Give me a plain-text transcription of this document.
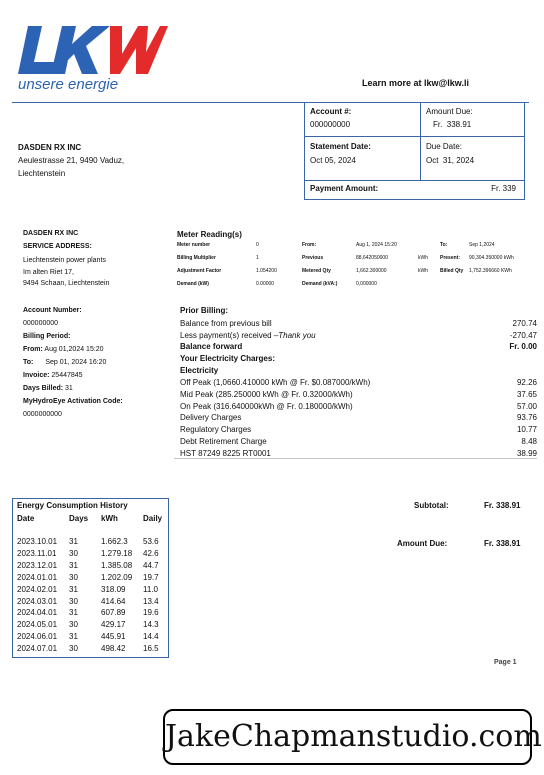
unsere energie	Learn more at lkw@lkw.li
Account #:
000000000
Amount Due:
Fr.  338.91
Statement Date:
Oct 05, 2024
Due Date:
Oct  31, 2024
Payment Amount:	Fr. 339
DASDEN RX INC
Aeulestrasse 21, 9490 Vaduz,
Liechtenstein
DASDEN RX INC
SERVICE ADDRESS:
Liechtenstein power plants
Im alten Riet 17,
9494 Schaan, Liechtenstein
Meter Reading(s)
Meter number	0	From:	Aug 1, 2024 15:20		To:	Sep 1,2024
Billing Multiplier	1	Previous	88,642050000	kWh	Present:	90,304.350000 kWh
Adjustment Factor	1.054200	Metered Qty	1,662.300000	kWh	Billed Qty	1,752.396660 KWh
Demand (kW)	0.00000	Demand (kVA:)	0,000000			
Account Number:
000000000
Billing Period:
From: Aug 01,2024 15:20
To: Sep 01, 2024 16:20
Invoice: 25447845
Days Billed: 31
MyHydroEye Activation Code:
0000000000
Prior Billing:
Balance from previous bill	270.74
Less payment(s) received –Thank you	-270.47
Balance forward	Fr. 0.00
Your Electricity Charges:
Electricity
Off Peak (1,0660.410000 kWh @ Fr. $0.087000/kWh)	92.26
Mid Peak (285.250000 kWh @ Fr. 0.32000/kWh)	37.65
On Peak (316.640000kWh @ Fr. 0.180000/kWh)	57.00
Delivery Charges	93.76
Regulatory Charges	10.77
Debt Retirement Charge	8.48
HST 87249 8225 RT0001	38.99
Energy Consumption History
Date	Days kWh	Daily
2023.10.01 31	1.662.3 53.6
2023.11.01 30	1.279.18 42.6
2023.12.01 31	1.385.08 44.7
2024.01.01 30	1.202.09 19.7
2024.02.01 31	318.09 11.0
2024.03.01 30	414.64 13.4
2024.04.01 31	607.89 19.6
2024.05.01 30	429.17 14.3
2024.06.01 31	445.91 14.4
2024.07.01 30	498.42 16.5
Subtotal:	Fr. 338.91
Amount Due:	Fr. 338.91
Page 1
JakeChapmanstudio.com
